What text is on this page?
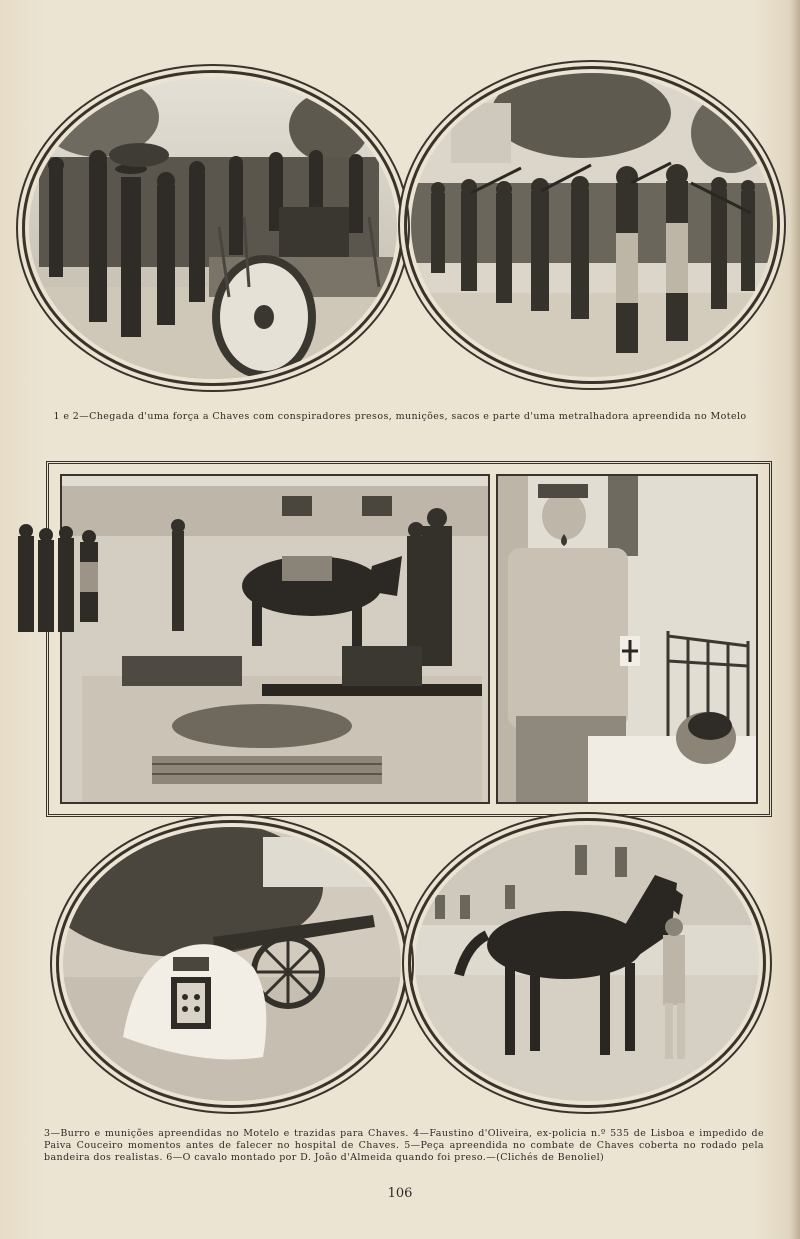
1 e 2—Chegada d'uma força a Chaves com conspiradores presos, munições, sacos e parte d'uma metralhadora apreendida no Motelo
3—Burro e munições apreendidas no Motelo e trazidas para Chaves. 4—Faustino d'Oliveira, ex-policia n.º 535 de Lisboa e impedido de Paiva Couceiro momentos antes de falecer no hospital de Chaves. 5—Peça apreendida no combate de Chaves coberta no rodado pela bandeira dos realistas. 6—O cavalo montado por D. João d'Almeida quando foi preso.—(Clichés de Benoliel)
106
